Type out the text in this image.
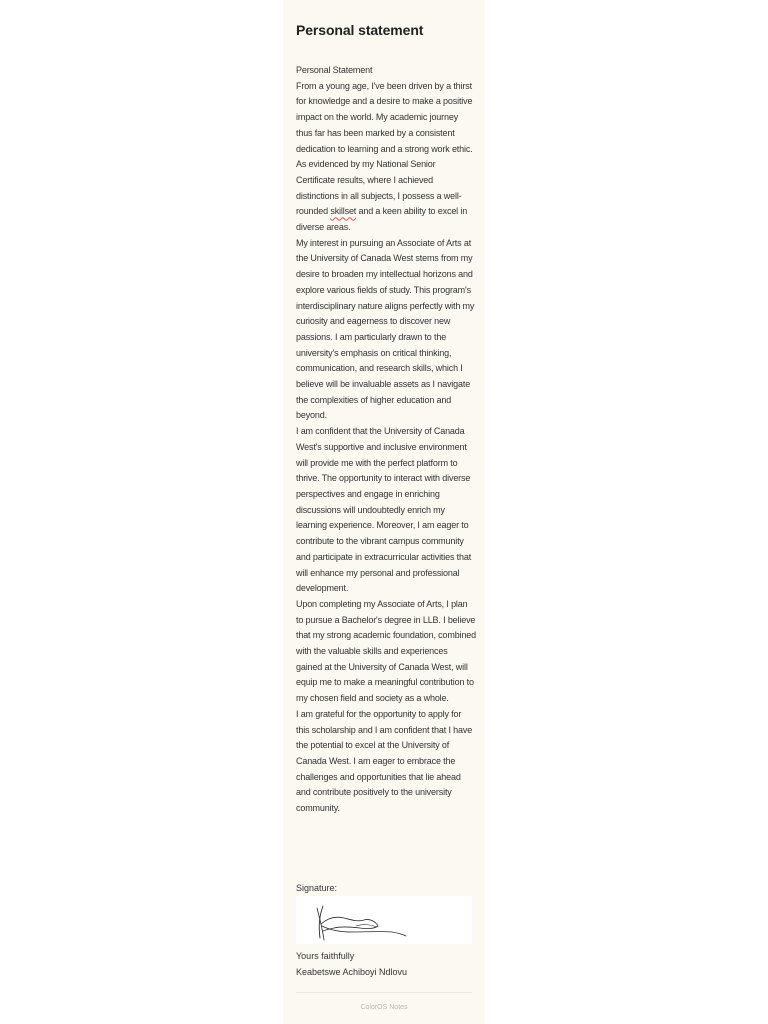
Personal statement

Personal Statement

From a young age, I've been driven by a thirst for knowledge and a desire to make a positive impact on the world. My academic journey thus far has been marked by a consistent dedication to learning and a strong work ethic. As evidenced by my National Senior Certificate results, where I achieved distinctions in all subjects, I possess a well-rounded skillset and a keen ability to excel in diverse areas.

My interest in pursuing an Associate of Arts at the University of Canada West stems from my desire to broaden my intellectual horizons and explore various fields of study. This program's interdisciplinary nature aligns perfectly with my curiosity and eagerness to discover new passions. I am particularly drawn to the university's emphasis on critical thinking, communication, and research skills, which I believe will be invaluable assets as I navigate the complexities of higher education and beyond.

I am confident that the University of Canada West's supportive and inclusive environment will provide me with the perfect platform to thrive. The opportunity to interact with diverse perspectives and engage in enriching discussions will undoubtedly enrich my learning experience. Moreover, I am eager to contribute to the vibrant campus community and participate in extracurricular activities that will enhance my personal and professional development.

Upon completing my Associate of Arts, I plan to pursue a Bachelor's degree in LLB. I believe that my strong academic foundation, combined with the valuable skills and experiences gained at the University of Canada West, will equip me to make a meaningful contribution to my chosen field and society as a whole.

I am grateful for the opportunity to apply for this scholarship and I am confident that I have the potential to excel at the University of Canada West. I am eager to embrace the challenges and opportunities that lie ahead and contribute positively to the university community.

Signature:

Yours faithfully

Keabetswe Achiboyi Ndlovu

ColorOS Notes
